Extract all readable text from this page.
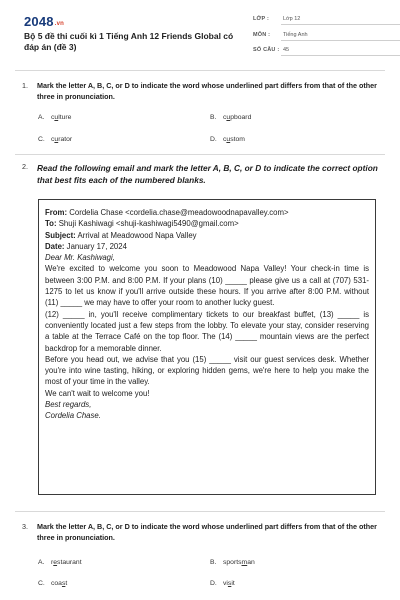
$2048_{.vn}$
Bộ 5 đề thi cuối kì 1 Tiếng Anh 12 Friends Global có đáp án (đề 3)
LỚP :	Lớp 12
MÔN : Tiếng Anh
SỐ CÂU : 45
1. Mark the letter A, B, C, or D to indicate the word whose underlined part differs from that of the other three in pronunciation.
A. culture	B. cupboard
C. curator	D. custom
2. Read the following email and mark the letter A, B, C, or D to indicate the correct option that best fits each of the numbered blanks.

From: Cordelia Chase <cordelia.chase@meadowoodnapavalley.com>

To: Shuji Kashiwagi <shuji-kashiwagi5490@gmail.com>

Subject: Arrival at Meadowood Napa Valley

Date: January 17, 2024

Dear Mr. Kashiwagi,

We're excited to welcome you soon to Meadowood Napa Valley! Your check-in time is between 3:00 P.M. and 8:00 P.M. If your plans (10) _____ please give us a call at (707) 531-1275 to let us know if you'll arrive outside these hours. If you arrive after 8:00 P.M. without (11) _____ we may have to offer your room to another lucky guest.

(12) _____ in, you'll receive complimentary tickets to our breakfast buffet, (13) _____ is conveniently located just a few steps from the lobby. To elevate your stay, consider reserving a table at the Terrace Café on the top floor. The (14) _____ mountain views are the perfect backdrop for a memorable dinner.

Before you head out, we advise that you (15) _____ visit our guest services desk. Whether you're into wine tasting, hiking, or exploring hidden gems, we're here to help you make the most of your time in the valley.

We can't wait to welcome you!

Best regards,

Cordelia Chase.

3. Mark the letter A, B, C, or D to indicate the word whose underlined part differs from that of the other three in pronunciation.
A. restaurant	B. sportsman
C. coast	D. visit
